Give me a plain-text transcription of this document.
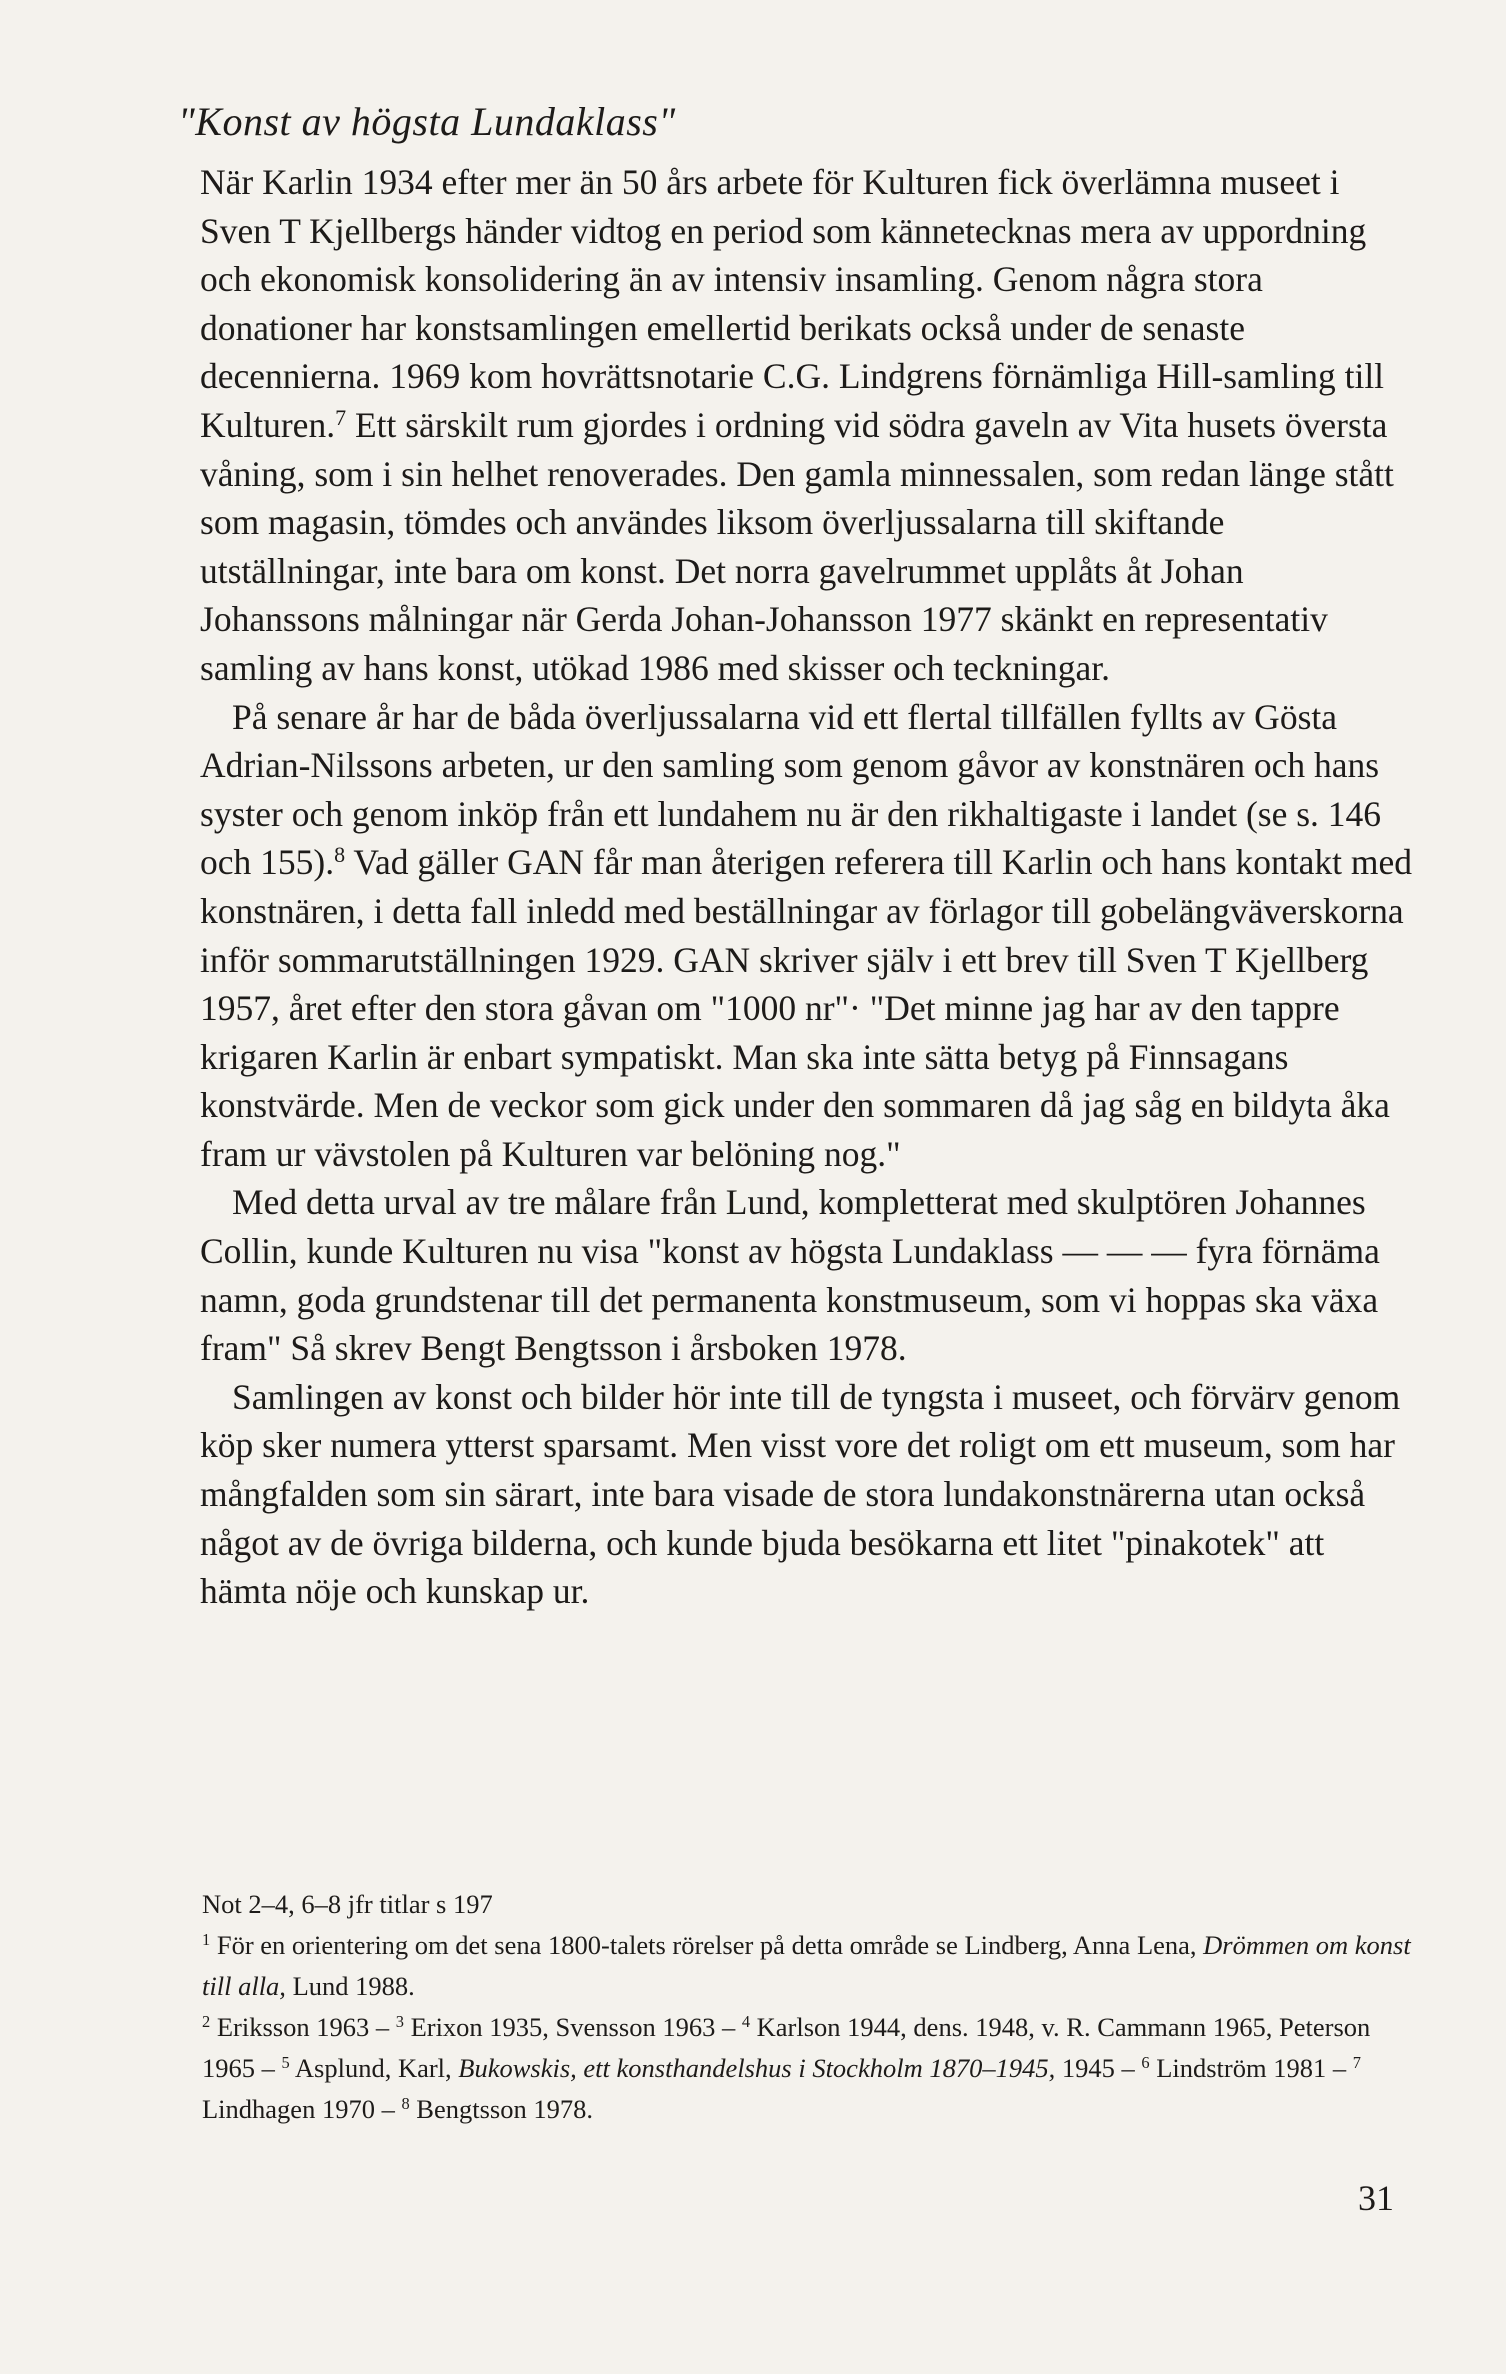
"Konst av högsta Lundaklass"

När Karlin 1934 efter mer än 50 års arbete för Kulturen fick överlämna museet i Sven T Kjellbergs händer vidtog en period som kännetecknas mera av uppordning och ekonomisk konsolidering än av intensiv insamling. Genom några stora donationer har konstsamlingen emellertid berikats också under de senaste decennierna. 1969 kom hovrättsnotarie C.G. Lindgrens förnämliga Hill-samling till Kulturen.$^7$ Ett särskilt rum gjordes i ordning vid södra gaveln av Vita husets översta våning, som i sin helhet renoverades. Den gamla minnessalen, som redan länge stått som magasin, tömdes och användes liksom överljussalarna till skiftande utställningar, inte bara om konst. Det norra gavelrummet upplåts åt Johan Johanssons målningar när Gerda Johan-Johansson 1977 skänkt en representativ samling av hans konst, utökad 1986 med skisser och teckningar.

På senare år har de båda överljussalarna vid ett flertal tillfällen fyllts av Gösta Adrian-Nilssons arbeten, ur den samling som genom gåvor av konstnären och hans syster och genom inköp från ett lundahem nu är den rikhaltigaste i landet (se s. 146 och 155).$^8$ Vad gäller GAN får man återigen referera till Karlin och hans kontakt med konstnären, i detta fall inledd med beställningar av förlagor till gobelängväverskorna inför sommarutställningen 1929. GAN skriver själv i ett brev till Sven T Kjellberg 1957, året efter den stora gåvan om "1000 nr"· "Det minne jag har av den tappre krigaren Karlin är enbart sympatiskt. Man ska inte sätta betyg på Finnsagans konstvärde. Men de veckor som gick under den sommaren då jag såg en bildyta åka fram ur vävstolen på Kulturen var belöning nog."

Med detta urval av tre målare från Lund, kompletterat med skulptören Johannes Collin, kunde Kulturen nu visa "konst av högsta Lundaklass — — — fyra förnäma namn, goda grundstenar till det permanenta konstmuseum, som vi hoppas ska växa fram" Så skrev Bengt Bengtsson i årsboken 1978.

Samlingen av konst och bilder hör inte till de tyngsta i museet, och förvärv genom köp sker numera ytterst sparsamt. Men visst vore det roligt om ett museum, som har mångfalden som sin särart, inte bara visade de stora lundakonstnärerna utan också något av de övriga bilderna, och kunde bjuda besökarna ett litet "pinakotek" att hämta nöje och kunskap ur.

Not 2–4, 6–8 jfr titlar s 197

$^1$ För en orientering om det sena 1800-talets rörelser på detta område se Lindberg, Anna Lena, Drömmen om konst till alla, Lund 1988.

$^2$ Eriksson 1963 – $^3$ Erixon 1935, Svensson 1963 – $^4$ Karlson 1944, dens. 1948, v. R. Cammann 1965, Peterson 1965 – $^5$ Asplund, Karl, Bukowskis, ett konsthandelshus i Stockholm 1870–1945, 1945 – $^6$ Lindström 1981 – $^7$ Lindhagen 1970 – $^8$ Bengtsson 1978.

31
